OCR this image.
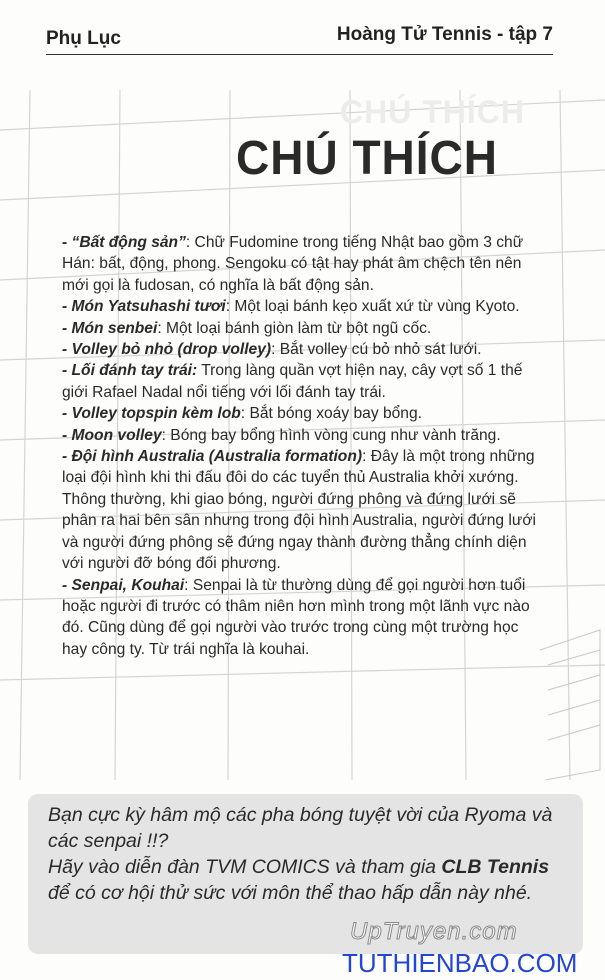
Phụ Lục	Hoàng Tử Tennis - tập 7
CHÚ THÍCH
CHÚ THÍCH

- “Bất động sản”: Chữ Fudomine trong tiếng Nhật bao gồm 3 chữ Hán: bất, động, phong. Sengoku có tật hay phát âm chệch tên nên mới gọi là fudosan, có nghĩa là bất động sản.

- Món Yatsuhashi tươi: Một loại bánh kẹo xuất xứ từ vùng Kyoto.

- Món senbei: Một loại bánh giòn làm từ bột ngũ cốc.

- Volley bỏ nhỏ (drop volley): Bắt volley cú bỏ nhỏ sát lưới.

- Lối đánh tay trái: Trong làng quần vợt hiện nay, cây vợt số 1 thế giới Rafael Nadal nổi tiếng với lối đánh tay trái.

- Volley topspin kèm lob: Bắt bóng xoáy bay bổng.

- Moon volley: Bóng bay bổng hình vòng cung như vành trăng.

- Đội hình Australia (Australia formation): Đây là một trong những loại đội hình khi thi đấu đôi do các tuyển thủ Australia khởi xướng. Thông thường, khi giao bóng, người đứng phông và đứng lưới sẽ phân ra hai bên sân nhưng trong đội hình Australia, người đứng lưới và người đứng phông sẽ đứng ngay thành đường thẳng chính diện với người đỡ bóng đối phương.

- Senpai, Kouhai: Senpai là từ thường dùng để gọi người hơn tuổi hoặc người đi trước có thâm niên hơn mình trong một lãnh vực nào đó. Cũng dùng để gọi người vào trước trong cùng một trường học hay công ty. Từ trái nghĩa là kouhai.

Bạn cực kỳ hâm mộ các pha bóng tuyệt vời của Ryoma và các senpai !!?
Hãy vào diễn đàn TVM COMICS và tham gia CLB Tennis để có cơ hội thử sức với môn thể thao hấp dẫn này nhé.
UpTruyen.com
TUTHIENBAO.COM
